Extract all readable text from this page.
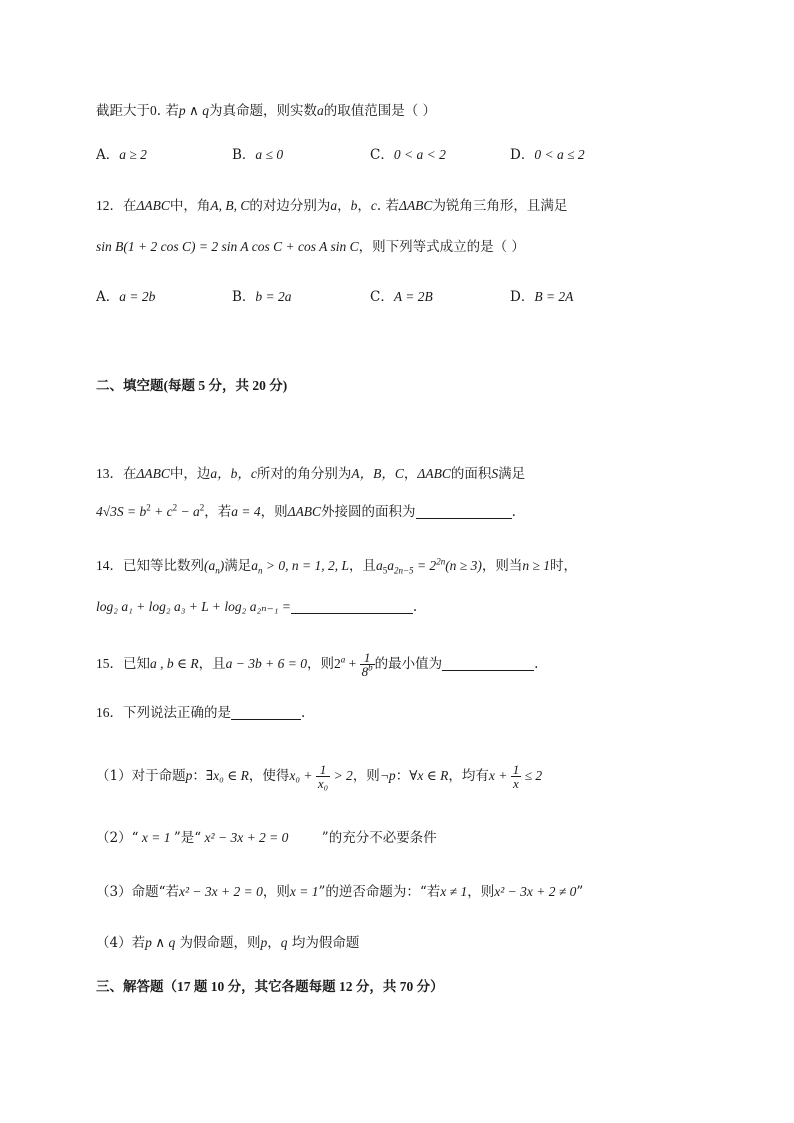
截距大于0. 若p ∧ q为真命题，则实数a的取值范围是（ ）
A．a ≥ 2	B．a ≤ 0	C．0 < a < 2	D．0 < a ≤ 2
12．在ΔABC中，角A, B, C的对边分别为a，b，c. 若ΔABC为锐角三角形，且满足
sin B(1 + 2 cos C) = 2 sin A cos C + cos A sin C，则下列等式成立的是（ ）
A．a = 2b	B．b = 2a	C．A = 2B	D．B = 2A
二、填空题(每题 5 分，共 20 分)
13．在ΔABC中，边a，b，c所对的角分别为A，B，C，ΔABC的面积S满足
$4√3S = b^2 + c^2 - a^2$，若a = 4，则ΔABC外接圆的面积为	.
14．已知等比数列$(a_n)$满足$a_n > 0$, n = 1, 2, L，且$a_5a_{2n-5} = 2^{2n}(n \ge 3)$，则当n ≥ 1时，
log₂ a₁ + log₂ a₃ + L + log₂ a₂ₙ₋₁ =	.
15．已知a , b ∈ R，且a − 3b + 6 = 0，则$2^a + \frac{1}{8^b}$ 的最小值为	.
16．下列说法正确的是	.
（1）对于命题p：∃x₀ ∈ R，使得$x_0 + \frac{1}{\text{x₀}} > 2$，则¬p：∀x ∈ R，均有$x + \frac{1}{x} \le 2$
（2）“ x = 1 ”是“ x² − 3x + 2 = 0 ”的充分不必要条件
（3）命题“若x² − 3x + 2 = 0，则x = 1”的逆否命题为：“若x ≠ 1，则x² − 3x + 2 ≠ 0”
（4）若p ∧ q 为假命题，则p，q 均为假命题
三、解答题（17 题 10 分，其它各题每题 12 分，共 70 分）
